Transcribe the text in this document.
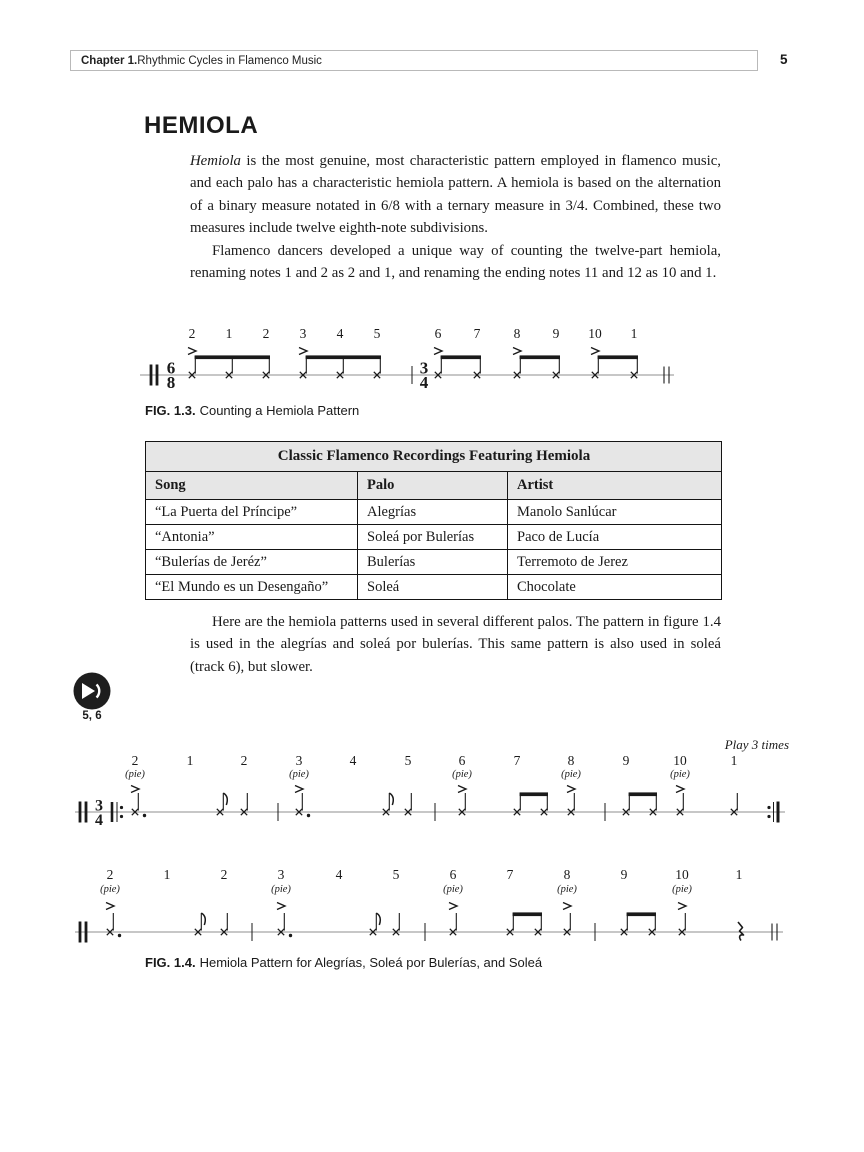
Chapter 1. Rhythmic Cycles in Flamenco Music	5
HEMIOLA

Hemiola is the most genuine, most characteristic pattern employed in flamenco music, and each palo has a characteristic hemiola pattern. A hemiola is based on the alternation of a binary measure notated in 6/8 with a ternary measure in 3/4. Combined, these two measures include twelve eighth-note subdivisions.

Flamenco dancers developed a unique way of counting the twelve-part hemiola, renaming notes 1 and 2 as 2 and 1, and renaming the ending notes 11 and 12 as 10 and 1.

6
8
3
4
2 1 2 3 4 5	6 7 8 9 10 1
FIG. 1.3. Counting a Hemiola Pattern
Classic Flamenco Recordings Featuring Hemiola		
Song	Palo	Artist
“La Puerta del Príncipe”	Alegrías	Manolo Sanlúcar
“Antonia”	Soleá por Bulerías	Paco de Lucía
“Bulerías de Jeréz”	Bulerías	Terremoto de Jerez
“El Mundo es un Desengaño”	Soleá	Chocolate

Here are the hemiola patterns used in several different palos. The pattern in figure 1.4 is used in the alegrías and soleá por bulerías. This same pattern is also used in soleá (track 6), but slower.

5, 6
3
4
2
(pie)
1	2	3
(pie)
4	5	6
(pie)
7	8
(pie)
9	10
(pie)
1
Play 3 times
2
(pie)
1	2	3
(pie)
4	5	6
(pie)
7	8
(pie)
9	10
(pie)
1
FIG. 1.4. Hemiola Pattern for Alegrías, Soleá por Bulerías, and Soleá
